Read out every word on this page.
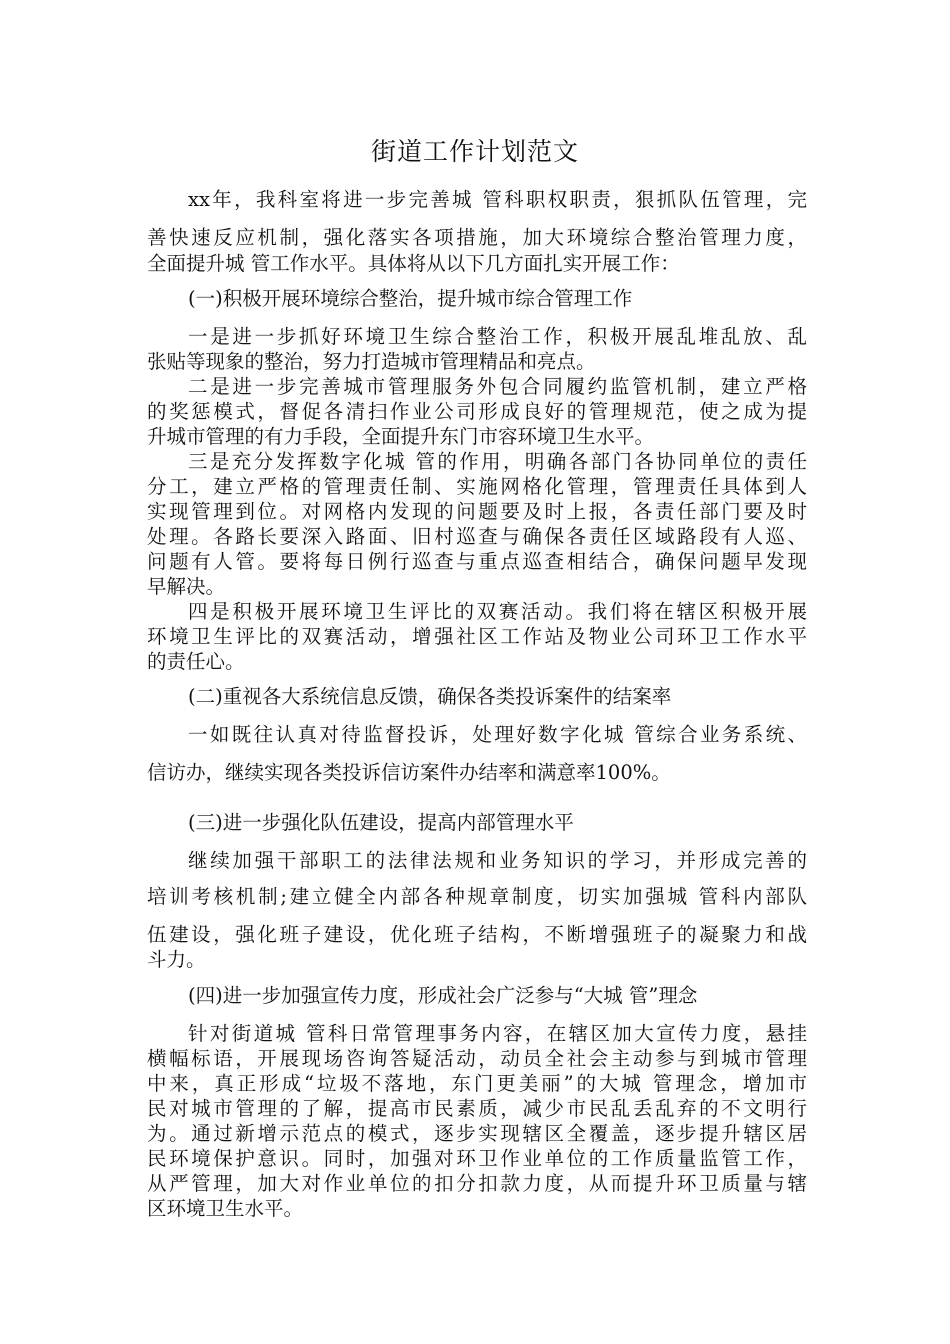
街道工作计划范文
xx年，我科室将进一步完善城 管科职权职责，狠抓队伍管理，完
善快速反应机制，强化落实各项措施，加大环境综合整治管理力度，
全面提升城 管工作水平。具体将从以下几方面扎实开展工作：
(一)积极开展环境综合整治，提升城市综合管理工作
一是进一步抓好环境卫生综合整治工作，积极开展乱堆乱放、乱
张贴等现象的整治，努力打造城市管理精品和亮点。
二是进一步完善城市管理服务外包合同履约监管机制，建立严格
的奖惩模式，督促各清扫作业公司形成良好的管理规范，使之成为提
升城市管理的有力手段，全面提升东门市容环境卫生水平。
三是充分发挥数字化城 管的作用，明确各部门各协同单位的责任
分工，建立严格的管理责任制、实施网格化管理，管理责任具体到人
实现管理到位。对网格内发现的问题要及时上报，各责任部门要及时
处理。各路长要深入路面、旧村巡查与确保各责任区域路段有人巡、
问题有人管。要将每日例行巡查与重点巡查相结合，确保问题早发现
早解决。
四是积极开展环境卫生评比的双赛活动。我们将在辖区积极开展
环境卫生评比的双赛活动，增强社区工作站及物业公司环卫工作水平
的责任心。
(二)重视各大系统信息反馈，确保各类投诉案件的结案率
一如既往认真对待监督投诉，处理好数字化城 管综合业务系统、
信访办，继续实现各类投诉信访案件办结率和满意率100%。
(三)进一步强化队伍建设，提高内部管理水平
继续加强干部职工的法律法规和业务知识的学习，并形成完善的
培训考核机制;建立健全内部各种规章制度，切实加强城 管科内部队
伍建设，强化班子建设，优化班子结构，不断增强班子的凝聚力和战
斗力。
(四)进一步加强宣传力度，形成社会广泛参与“大城 管”理念
针对街道城 管科日常管理事务内容，在辖区加大宣传力度，悬挂
横幅标语，开展现场咨询答疑活动，动员全社会主动参与到城市管理
中来，真正形成“垃圾不落地，东门更美丽”的大城 管理念，增加市
民对城市管理的了解，提高市民素质，减少市民乱丢乱弃的不文明行
为。通过新增示范点的模式，逐步实现辖区全覆盖，逐步提升辖区居
民环境保护意识。同时，加强对环卫作业单位的工作质量监管工作，
从严管理，加大对作业单位的扣分扣款力度，从而提升环卫质量与辖
区环境卫生水平。
